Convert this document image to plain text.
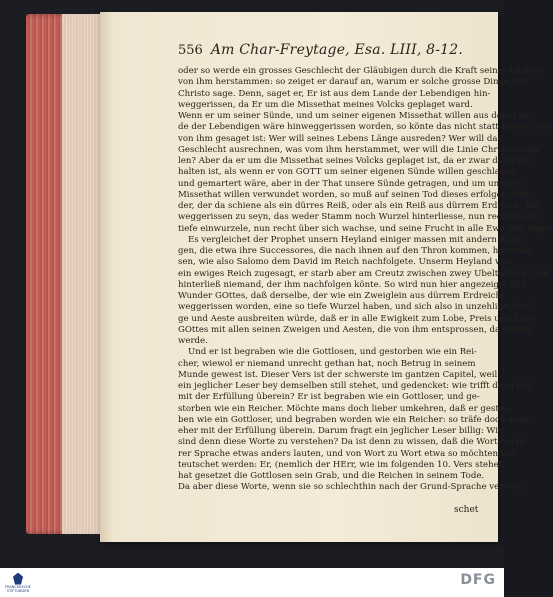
556 Am Char-Freytage, Esa. LIII, 8-12.

oder so werde ein grosses Geschlecht der Gläubigen durch die Kraft seines Leidens
von ihm herstammen: so zeiget er darauf an, warum er solche grosse Dinge von
Christo sage. Denn, saget er, Er ist aus dem Lande der Lebendigen hin-
weggerissen, da Er um die Missethat meines Volcks geplaget ward.
Wenn er um seiner Sünde, und um seiner eigenen Missethat willen aus dem Lan-
de der Lebendigen wäre hinweggerissen worden, so könte das nicht statt haben, was
von ihm gesaget ist: Wer will seines Lebens Länge ausreden? Wer will das
Geschlecht ausrechnen, was vom ihm herstammet, wer will die Linie Christi erzeh-
len? Aber da er um die Missethat seines Volcks geplaget ist, da er zwar dafür ge-
halten ist, als wenn er von GOTT um seiner eigenen Sünde willen geschlagen
und gemartert wäre, aber in der That unsere Sünde getragen, und um unserer
Missethat willen verwundet worden, so muß auf seinen Tod dieses erfolgen, daß
der, der da schiene als ein dürres Reiß, oder als ein Reiß aus dürrem Erdreich, hin-
weggerissen zu seyn, das weder Stamm noch Wurzel hinterliesse, nun recht in das
tiefe einwurzele, nun recht über sich wachse, und seine Frucht in alle Ewigkeit trage.

Es vergleichet der Prophet unsern Heyland einiger massen mit andern Köni-
gen, die etwa ihre Successores, die nach ihnen auf den Thron kommen, hinterlas-
sen, wie also Salomo dem David im Reich nachfolgete. Unserm Heyland war
ein ewiges Reich zugesagt, er starb aber am Creutz zwischen zwey Ubelthätern, und
hinterließ niemand, der ihm nachfolgen könte. So wird nun hier angezeiget das
Wunder GOttes, daß derselbe, der wie ein Zweiglein aus dürrem Erdreiche
weggerissen worden, eine so tiefe Wurzel haben, und sich also in unzehlige Zwei-
ge und Aeste ausbreiten würde, daß er in alle Ewigkeit zum Lobe, Preis und Ehre
GOttes mit allen seinen Zweigen und Aesten, die von ihm entsprossen, da stehen
werde.

Und er ist begraben wie die Gottlosen, und gestorben wie ein Rei-
cher, wiewol er niemand unrecht gethan hat, noch Betrug in seinem
Munde gewest ist. Dieser Vers ist der schwerste im gantzen Capitel, weil
ein jeglicher Leser bey demselben still stehet, und gedencket: wie trifft denn das
mit der Erfüllung überein? Er ist begraben wie ein Gottloser, und ge-
storben wie ein Reicher. Möchte mans doch lieber umkehren, daß er gestor-
ben wie ein Gottloser, und begraben worden wie ein Reicher: so träfe doch etwa
eher mit der Erfüllung überein. Darum fragt ein jeglicher Leser billig: Wie
sind denn diese Worte zu verstehen? Da ist denn zu wissen, daß die Worte in ih-
rer Sprache etwas anders lauten, und von Wort zu Wort etwa so möchten ver-
teutschet werden: Er, (nemlich der HErr, wie im folgenden 10. Vers stehet)
hat gesetzet die Gottlosen sein Grab, und die Reichen in seinem Tode.
Da aber diese Worte, wenn sie so schlechthin nach der Grund-Sprache verteut-

schet
FRANCKESCHE STIFTUNGEN
DFG
